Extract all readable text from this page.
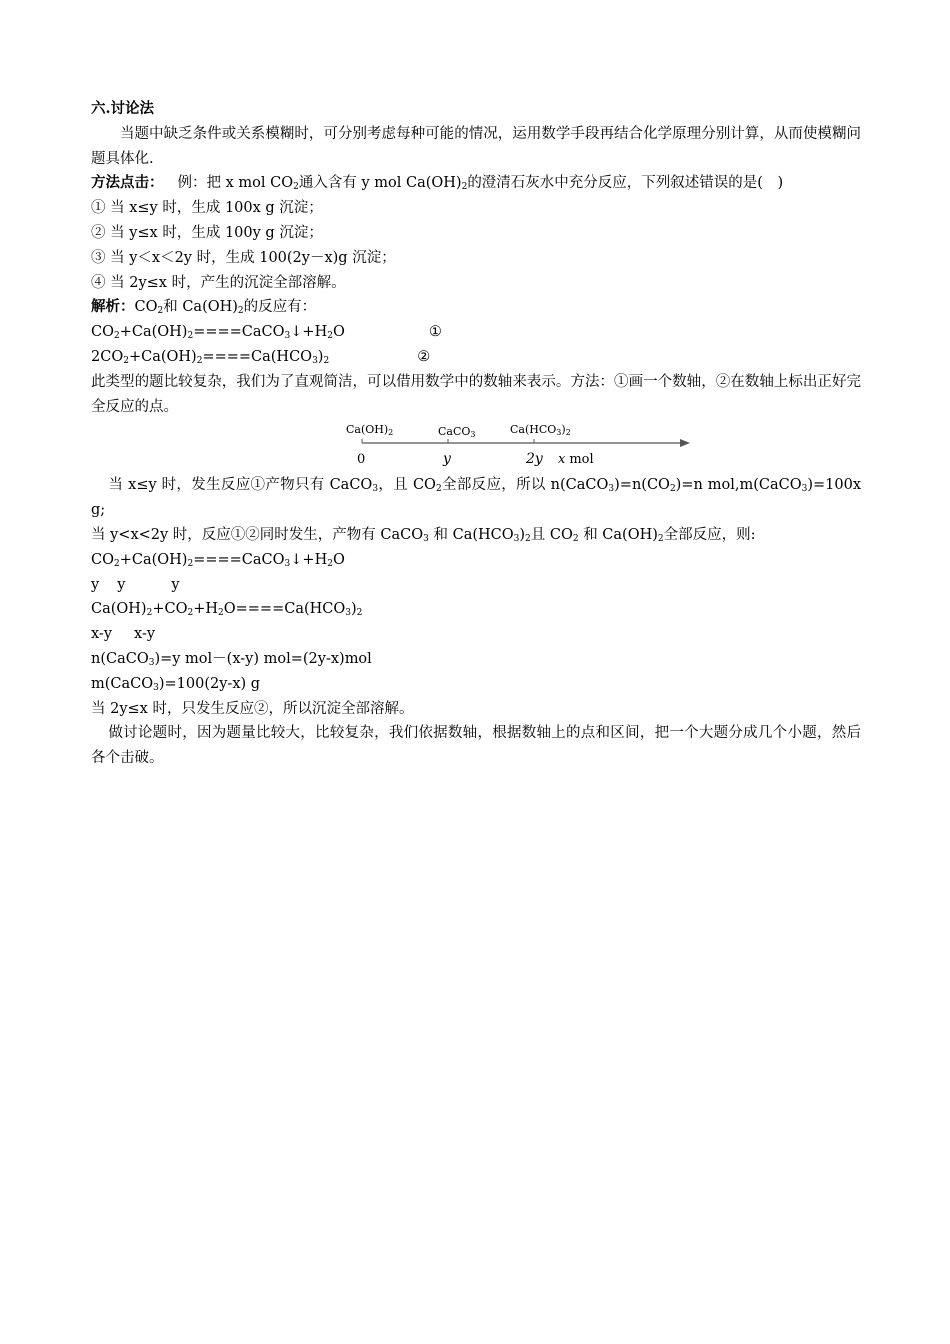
六.讨论法
当题中缺乏条件或关系模糊时，可分别考虑每种可能的情况，运用数学手段再结合化学原理分别计算，从而使模糊问题具体化.
方法点击： 例：把 x mol $CO_2$通入含有 y mol $Ca(OH)_2$的澄清石灰水中充分反应，下列叙述错误的是(　)
① 当 x≤y 时，生成 100x g 沉淀；
② 当 y≤x 时，生成 100y g 沉淀；
③ 当 y＜x＜2y 时，生成 100(2y－x)g 沉淀；
④ 当 2y≤x 时，产生的沉淀全部溶解。
解析：$CO_2$和 $Ca(OH)_2$的反应有：
$CO_2+Ca(OH)_2====CaCO_3↓+H_2O$	①
$2CO_2+Ca(OH)_2====Ca(HCO_3)_2$	②
此类型的题比较复杂，我们为了直观简洁，可以借用数学中的数轴来表示。方法：①画一个数轴，②在数轴上标出正好完全反应的点。
Ca(OH)2	CaCO3	Ca(HCO3)2
0	y	2y x mol
当 x≤y 时，发生反应①产物只有 CaCO$_3$，且 $CO_2$全部反应，所以 $n(CaCO_3)=n(CO_2)=n$ mol,m(CaCO$_3$)=100x g;
当 y<x<2y 时，反应①②同时发生，产物有 CaCO$_3$ 和 $Ca(HCO_3)_2$且 $CO_2$ 和 $Ca(OH)_2$全部反应，则:
$CO_2+Ca(OH)_2====CaCO_3↓+H_2O$
y y	y
$Ca(OH)_2+CO_2+H_2O====Ca(HCO_3)_2$
x-y x-y
n(CaCO$_3$)=y mol－(x-y) mol=(2y-x)mol
m(CaCO$_3$)=100(2y-x) g
当 2y≤x 时，只发生反应②，所以沉淀全部溶解。
做讨论题时，因为题量比较大，比较复杂，我们依据数轴，根据数轴上的点和区间，把一个大题分成几个小题，然后各个击破。
